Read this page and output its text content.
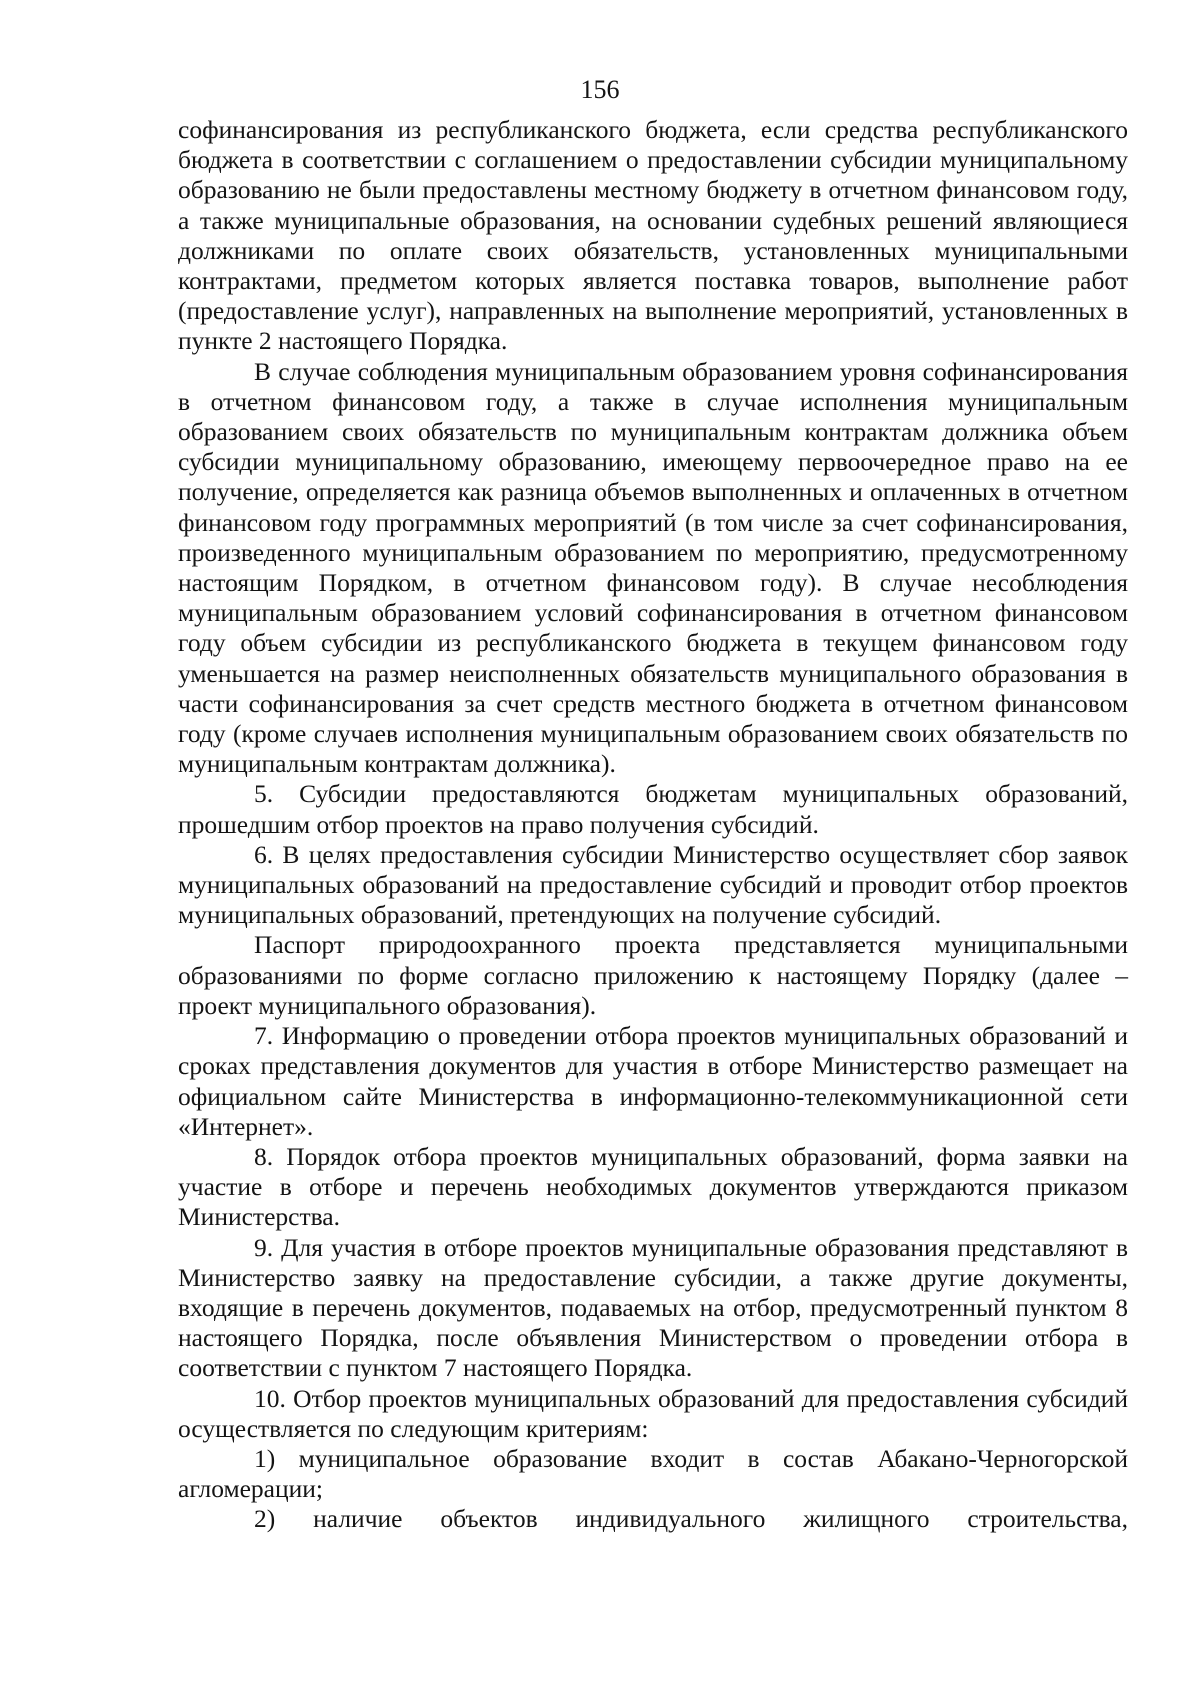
156

софинансирования из республиканского бюджета, если средства республиканского бюджета в соответствии с соглашением о предоставлении субсидии муниципальному образованию не были предоставлены местному бюджету в отчетном финансовом году, а также муниципальные образования, на основании судебных решений являющиеся должниками по оплате своих обязательств, установленных муниципальными контрактами, предметом которых является поставка товаров, выполнение работ (предоставление услуг), направленных на выполнение мероприятий, установленных в пункте 2 настоящего Порядка.

В случае соблюдения муниципальным образованием уровня софинансирования в отчетном финансовом году, а также в случае исполнения муниципальным образованием своих обязательств по муниципальным контрактам должника объем субсидии муниципальному образованию, имеющему первоочередное право на ее получение, определяется как разница объемов выполненных и оплаченных в отчетном финансовом году программных мероприятий (в том числе за счет софинансирования, произведенного муниципальным образованием по мероприятию, предусмотренному настоящим Порядком, в отчетном финансовом году). В случае несоблюдения муниципальным образованием условий софинансирования в отчетном финансовом году объем субсидии из республиканского бюджета в текущем финансовом году уменьшается на размер неисполненных обязательств муниципального образования в части софинансирования за счет средств местного бюджета в отчетном финансовом году (кроме случаев исполнения муниципальным образованием своих обязательств по муниципальным контрактам должника).

5. Субсидии предоставляются бюджетам муниципальных образований, прошедшим отбор проектов на право получения субсидий.

6. В целях предоставления субсидии Министерство осуществляет сбор заявок муниципальных образований на предоставление субсидий и проводит отбор проектов муниципальных образований, претендующих на получение субсидий.

Паспорт природоохранного проекта представляется муниципальными образованиями по форме согласно приложению к настоящему Порядку (далее – проект муниципального образования).

7. Информацию о проведении отбора проектов муниципальных образований и сроках представления документов для участия в отборе Министерство размещает на официальном сайте Министерства в информационно-телекоммуникационной сети «Интернет».

8. Порядок отбора проектов муниципальных образований, форма заявки на участие в отборе и перечень необходимых документов утверждаются приказом Министерства.

9. Для участия в отборе проектов муниципальные образования представляют в Министерство заявку на предоставление субсидии, а также другие документы, входящие в перечень документов, подаваемых на отбор, предусмотренный пунктом 8 настоящего Порядка, после объявления Министерством о проведении отбора в соответствии с пунктом 7 настоящего Порядка.

10. Отбор проектов муниципальных образований для предоставления субсидий осуществляется по следующим критериям:

1) муниципальное образование входит в состав Абакано-Черногорской агломерации;

2) наличие объектов индивидуального жилищного строительства,
